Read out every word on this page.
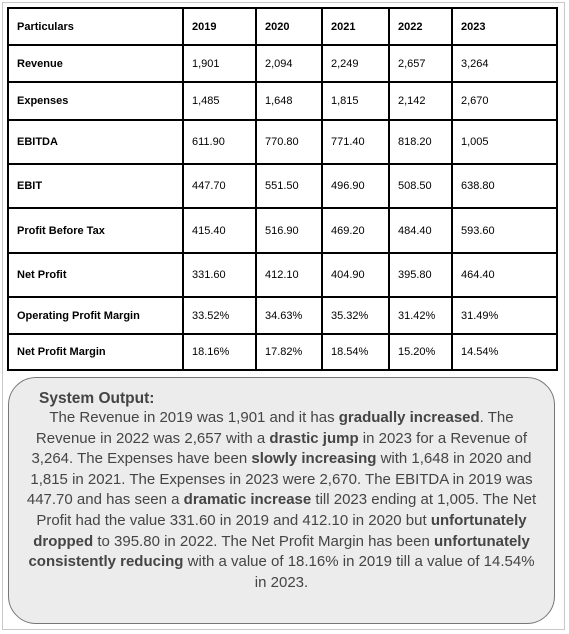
Particulars	2019	2020	2021	2022	2023
Revenue	1,901	2,094	2,249	2,657	3,264
Expenses	1,485	1,648	1,815	2,142	2,670
EBITDA	611.90	770.80	771.40	818.20	1,005
EBIT	447.70	551.50	496.90	508.50	638.80
Profit Before Tax	415.40	516.90	469.20	484.40	593.60
Net Profit	331.60	412.10	404.90	395.80	464.40
Operating Profit Margin	33.52%	34.63%	35.32%	31.42%	31.49%
Net Profit Margin	18.16%	17.82%	18.54%	15.20%	14.54%
System Output:
The Revenue in 2019 was 1,901 and it has gradually increased. The Revenue in 2022 was 2,657 with a drastic jump in 2023 for a Revenue of 3,264. The Expenses have been slowly increasing with 1,648 in 2020 and 1,815 in 2021. The Expenses in 2023 were 2,670. The EBITDA in 2019 was 447.70 and has seen a dramatic increase till 2023 ending at 1,005. The Net Profit had the value 331.60 in 2019 and 412.10 in 2020 but unfortunately dropped to 395.80 in 2022. The Net Profit Margin has been unfortunately consistently reducing with a value of 18.16% in 2019 till a value of 14.54% in 2023.
